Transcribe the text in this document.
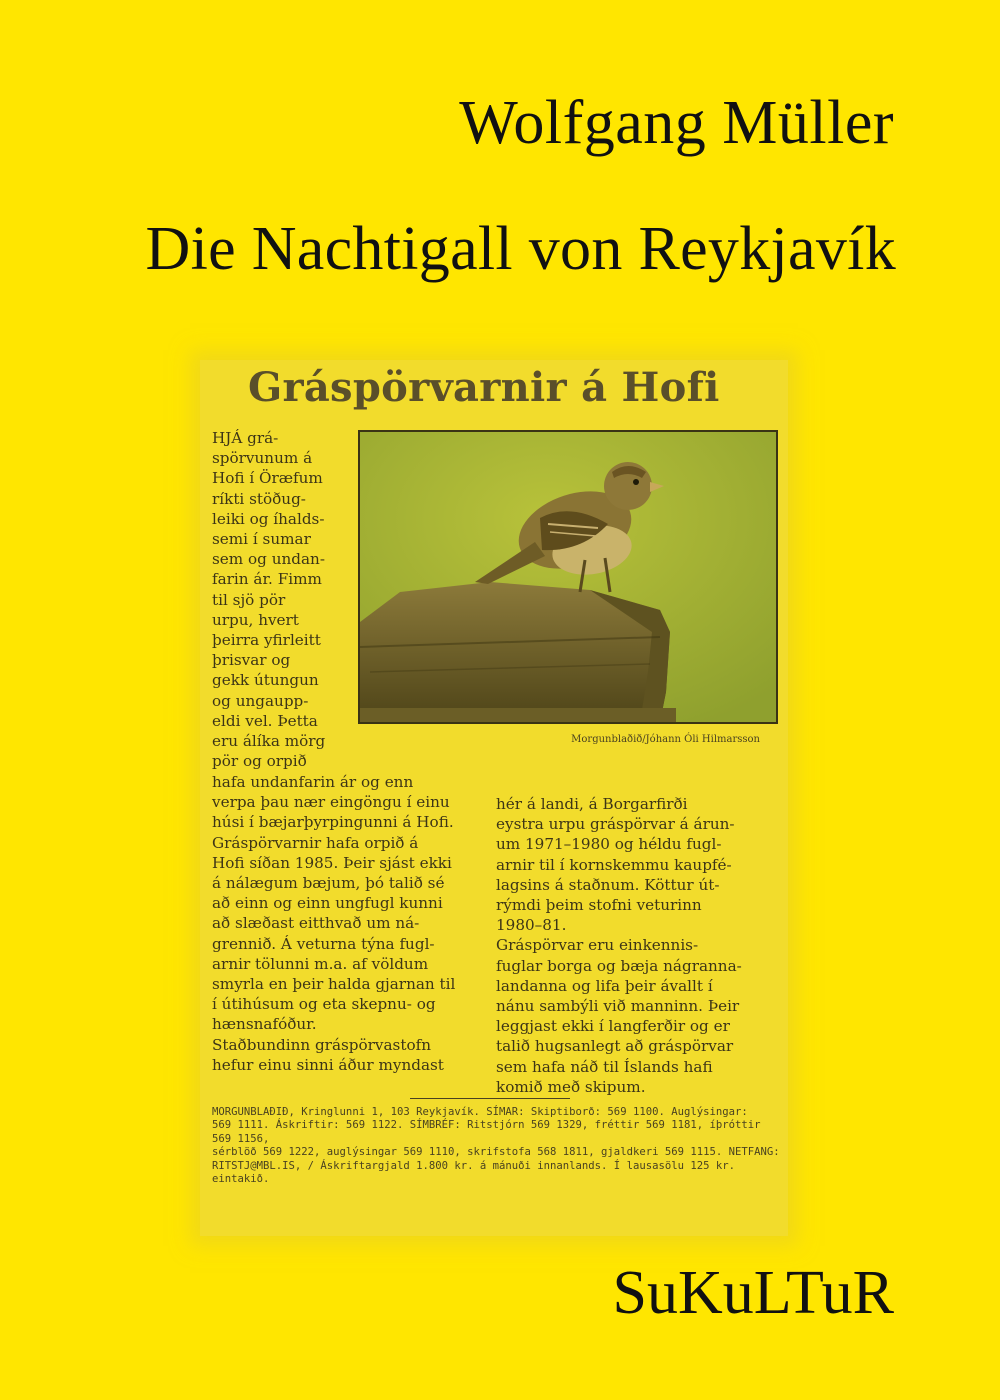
Wolfgang Müller
Die Nachtigall von Reykjavík
Gráspörvarnir á Hofi
Morgunblaðið/Jóhann Óli Hilmarsson
HJÁ grá-
spörvunum á
Hofi í Öræfum
ríkti stöðug-
leiki og íhalds-
semi í sumar
sem og undan-
farin ár. Fimm
til sjö pör
urpu, hvert
þeirra yfirleitt
þrisvar og
gekk útungun
og ungaupp-
eldi vel. Þetta
eru álíka mörg
pör og orpið
hafa undanfarin ár og enn
verpa þau nær eingöngu í einu
húsi í bæjarþyrpingunni á Hofi.
Gráspörvarnir hafa orpið á
Hofi síðan 1985. Þeir sjást ekki
á nálægum bæjum, þó talið sé
að einn og einn ungfugl kunni
að slæðast eitthvað um ná-
grennið. Á veturna týna fugl-
arnir tölunni m.a. af völdum
smyrla en þeir halda gjarnan til
í útihúsum og eta skepnu- og
hænsnafóður.
Staðbundinn gráspörvastofn
hefur einu sinni áður myndast
hér á landi, á Borgarfirði
eystra urpu gráspörvar á árun-
um 1971–1980 og héldu fugl-
arnir til í kornskemmu kaupfé-
lagsins á staðnum. Köttur út-
rýmdi þeim stofni veturinn
1980–81.
Gráspörvar eru einkennis-
fuglar borga og bæja nágranna-
landanna og lifa þeir ávallt í
nánu sambýli við manninn. Þeir
leggjast ekki í langferðir og er
talið hugsanlegt að gráspörvar
sem hafa náð til Íslands hafi
komið með skipum.
MORGUNBLAÐIÐ, Kringlunni 1, 103 Reykjavík. SÍMAR: Skiptiborð: 569 1100. Auglýsingar:
569 1111. Áskriftir: 569 1122. SÍMBRÉF: Ritstjórn 569 1329, fréttir 569 1181, íþróttir 569 1156,
sérblöð 569 1222, auglýsingar 569 1110, skrifstofa 568 1811, gjaldkeri 569 1115. NETFANG:
RITSTJ@MBL.IS, / Áskriftargjald 1.800 kr. á mánuði innanlands. Í lausasölu 125 kr. eintakið.
SuKuLTuR
